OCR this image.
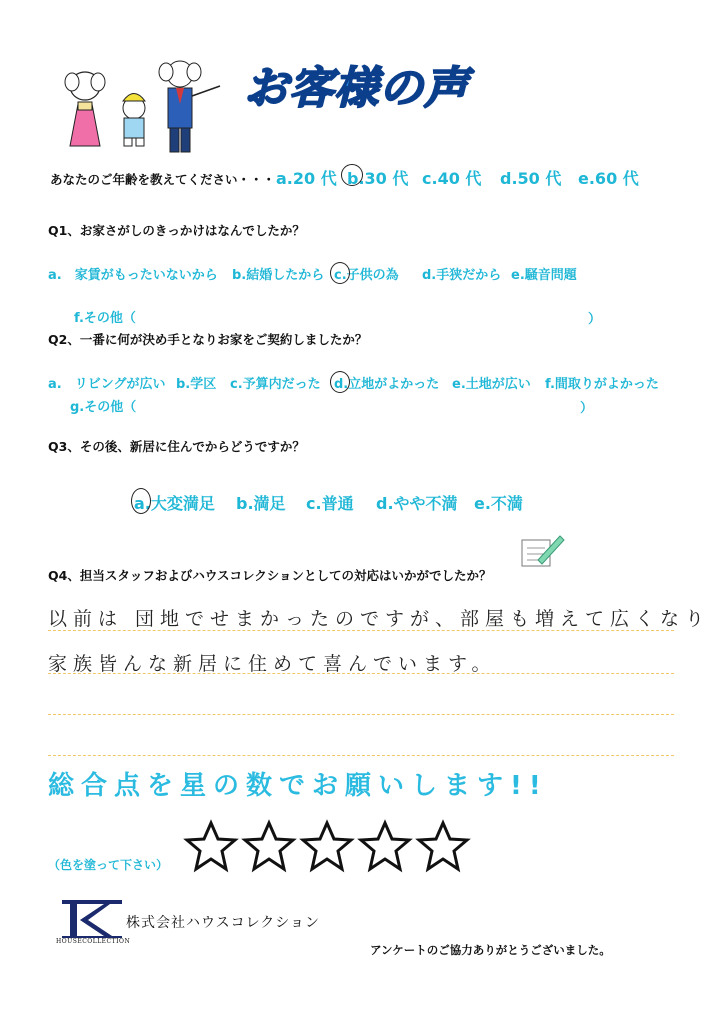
お客様の声
あなたのご年齢を教えてください・・・ a.20 代 b.30 代 c.40 代 d.50 代 e.60 代
Q1、お家さがしのきっかけはなんでしたか？
a.　家賃がもったいないから b.結婚したから c.子供の為 d.手狭だから e.騒音問題
f.その他（	）
Q2、一番に何が決め手となりお家をご契約しましたか？
a.　リビングが広い b.学区 c.予算内だった d.立地がよかった e.土地が広い f.間取りがよかった
g.その他（	）
Q3、その後、新居に住んでからどうですか？
a.大変満足 b.満足 c.普通 d.やや不満 e.不満
Q4、担当スタッフおよびハウスコレクションとしての対応はいかがでしたか？
以前は 団地でせまかったのですが、部屋も増えて広くなり
家族皆んな新居に住めて喜んでいます。
総合点を星の数でお願いします!!
（色を塗って下さい）
HOUSECOLLECTION
株式会社ハウスコレクション
アンケートのご協力ありがとうございました。
